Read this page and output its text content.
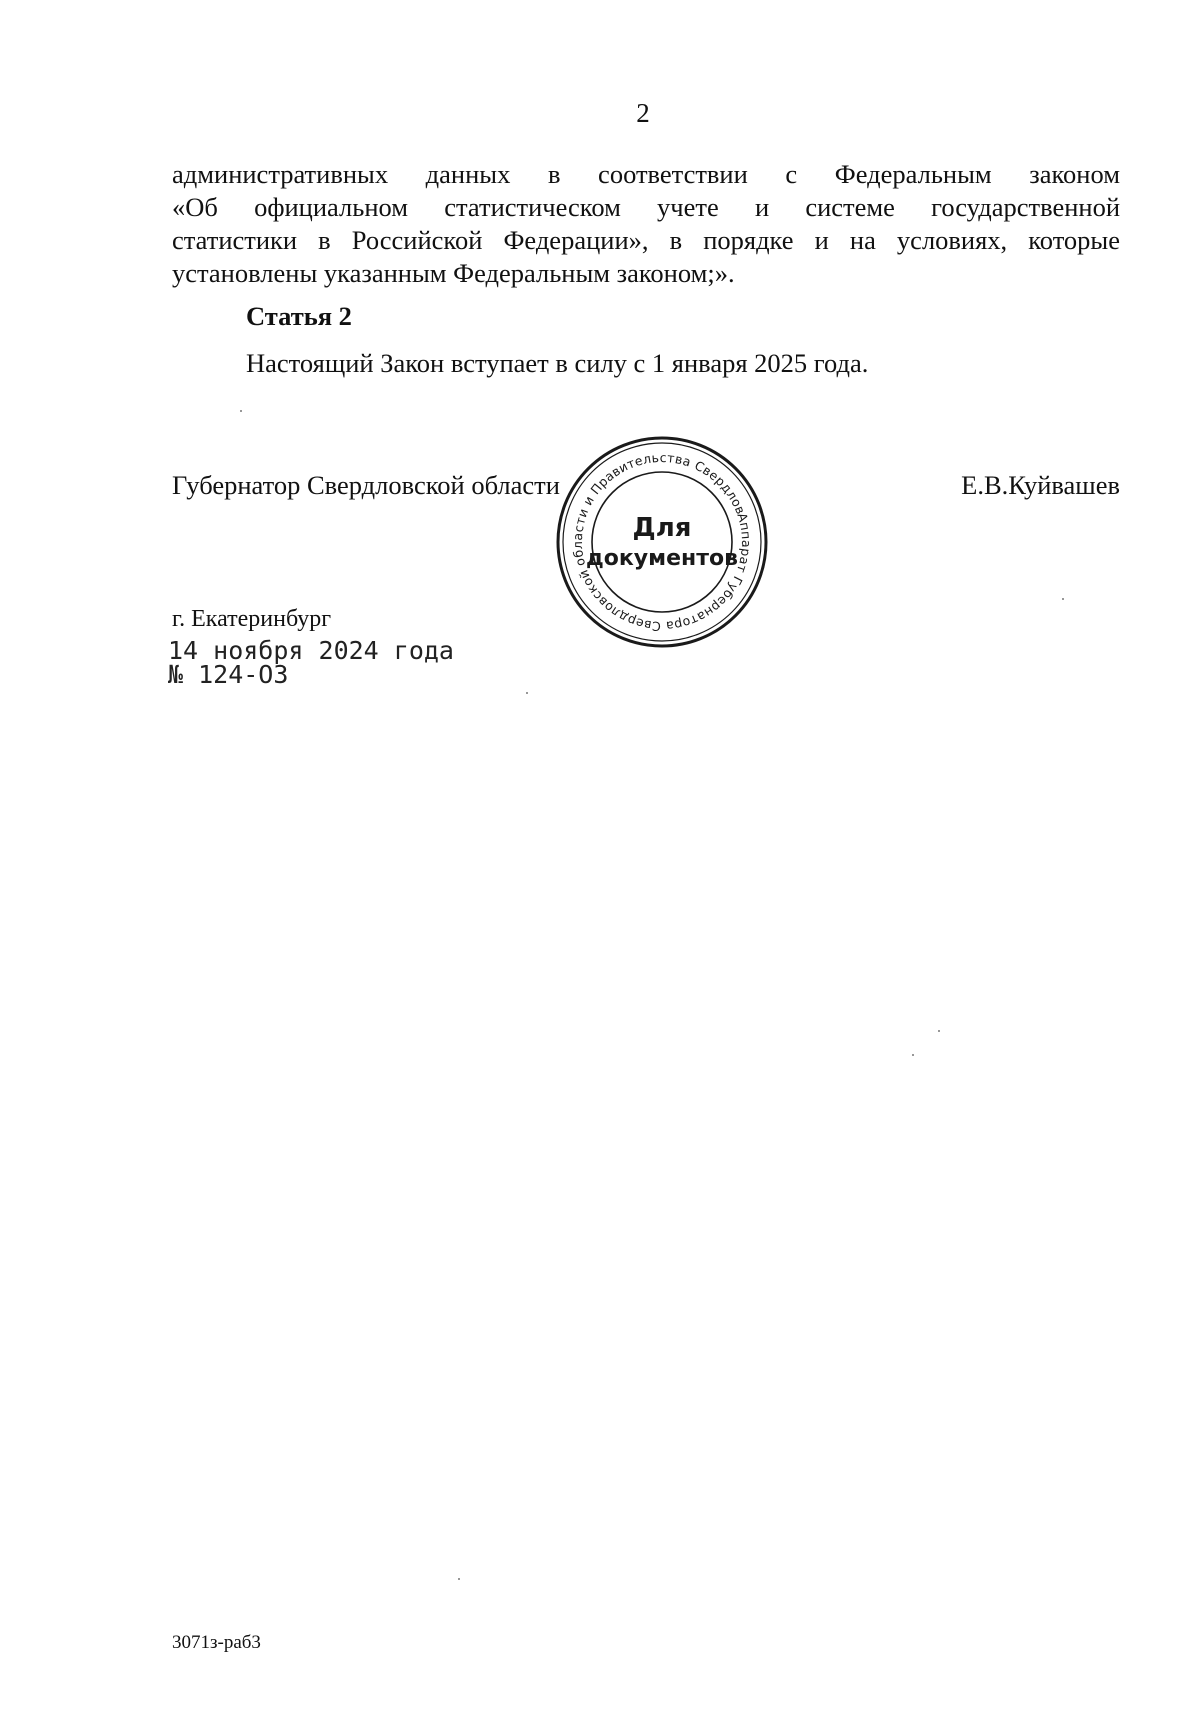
2
административных данных в соответствии с Федеральным законом
«Об официальном статистическом учете и системе государственной
статистики в Российской Федерации», в порядке и на условиях, которые
установлены указанным Федеральным законом;».
Статья 2
Настоящий Закон вступает в силу с 1 января 2025 года.
Губернатор Свердловской области	Е.В.Куйвашев
Аппарат Губернатора Свердловской области и Правительства Свердловской
Для
документов
г. Екатеринбург
14 ноября 2024 года
№ 124-ОЗ
3071з-раб3
